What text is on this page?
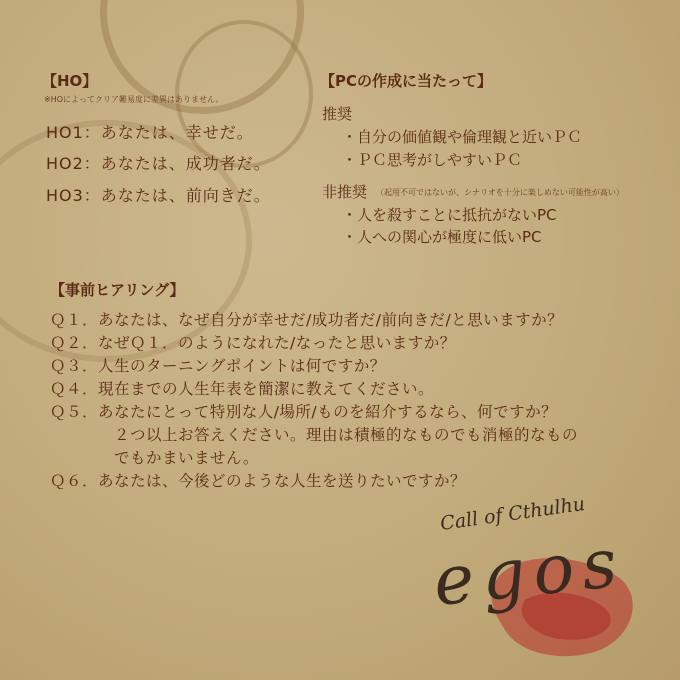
【HO】
※HOによってクリア難易度に差異はありません。
HO1：あなたは、幸せだ。
HO2：あなたは、成功者だ。
HO3：あなたは、前向きだ。
【PCの作成に当たって】
推奨
・自分の価値観や倫理観と近いＰＣ
・ＰＣ思考がしやすいＰＣ
非推奨 （起用不可ではないが、シナリオを十分に楽しめない可能性が高い）
・人を殺すことに抵抗がないPC
・人への関心が極度に低いPC
【事前ヒアリング】
Ｑ１．あなたは、なぜ自分が幸せだ/成功者だ/前向きだ/と思いますか？
Ｑ２．なぜＱ１．のようになれた/なったと思いますか？
Ｑ３．人生のターニングポイントは何ですか？
Ｑ４．現在までの人生年表を簡潔に教えてください。
Ｑ５．あなたにとって特別な人/場所/ものを紹介するなら、何ですか？
２つ以上お答えください。理由は積極的なものでも消極的なもの
でもかまいません。
Ｑ６．あなたは、今後どのような人生を送りたいですか？
Call of Cthulhu
egos
